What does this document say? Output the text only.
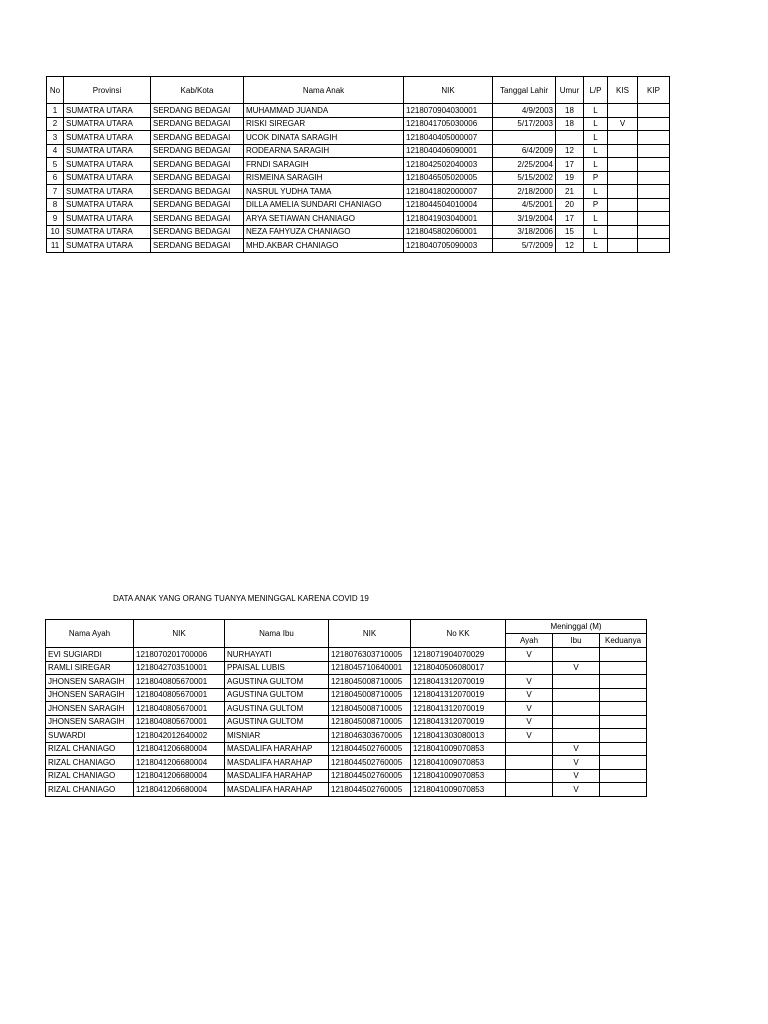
No	Provinsi	Kab/Kota	Nama Anak	NIK	Tanggal Lahir	Umur	L/P	KIS	KIP
1	SUMATRA UTARA	SERDANG BEDAGAI	MUHAMMAD JUANDA	1218070904030001	4/9/2003	18	L		
2	SUMATRA UTARA	SERDANG BEDAGAI	RISKI SIREGAR	1218041705030006	5/17/2003	18	L	V	
3	SUMATRA UTARA	SERDANG BEDAGAI	UCOK DINATA SARAGIH	1218040405000007			L		
4	SUMATRA UTARA	SERDANG BEDAGAI	RODEARNA SARAGIH	1218040406090001	6/4/2009	12	L		
5	SUMATRA UTARA	SERDANG BEDAGAI	FRNDI SARAGIH	1218042502040003	2/25/2004	17	L		
6	SUMATRA UTARA	SERDANG BEDAGAI	RISMEINA SARAGIH	1218046505020005	5/15/2002	19	P		
7	SUMATRA UTARA	SERDANG BEDAGAI	NASRUL YUDHA TAMA	1218041802000007	2/18/2000	21	L		
8	SUMATRA UTARA	SERDANG BEDAGAI	DILLA AMELIA SUNDARI CHANIAGO	1218044504010004	4/5/2001	20	P		
9	SUMATRA UTARA	SERDANG BEDAGAI	ARYA SETIAWAN CHANIAGO	1218041903040001	3/19/2004	17	L		
10	SUMATRA UTARA	SERDANG BEDAGAI	NEZA FAHYUZA CHANIAGO	1218045802060001	3/18/2006	15	L		
11	SUMATRA UTARA	SERDANG BEDAGAI	MHD.AKBAR CHANIAGO	1218040705090003	5/7/2009	12	L		
DATA ANAK YANG ORANG TUANYA MENINGGAL KARENA COVID 19
Nama Ayah	NIK	Nama Ibu	NIK	No KK	Meninggal (M)		
					Ayah	Ibu	Keduanya
EVI SUGIARDI	1218070201700006	NURHAYATI	1218076303710005	1218071904070029	V		
RAMLI SIREGAR	1218042703510001	PPAISAL LUBIS	1218045710640001	1218040506080017		V	
JHONSEN SARAGIH	1218040805670001	AGUSTINA GULTOM	1218045008710005	1218041312070019	V		
JHONSEN SARAGIH	1218040805670001	AGUSTINA GULTOM	1218045008710005	1218041312070019	V		
JHONSEN SARAGIH	1218040805670001	AGUSTINA GULTOM	1218045008710005	1218041312070019	V		
JHONSEN SARAGIH	1218040805670001	AGUSTINA GULTOM	1218045008710005	1218041312070019	V		
SUWARDI	1218042012640002	MISNIAR	1218046303670005	1218041303080013	V		
RIZAL CHANIAGO	1218041206680004	MASDALIFA HARAHAP	1218044502760005	1218041009070853		V	
RIZAL CHANIAGO	1218041206680004	MASDALIFA HARAHAP	1218044502760005	1218041009070853		V	
RIZAL CHANIAGO	1218041206680004	MASDALIFA HARAHAP	1218044502760005	1218041009070853		V	
RIZAL CHANIAGO	1218041206680004	MASDALIFA HARAHAP	1218044502760005	1218041009070853		V	
